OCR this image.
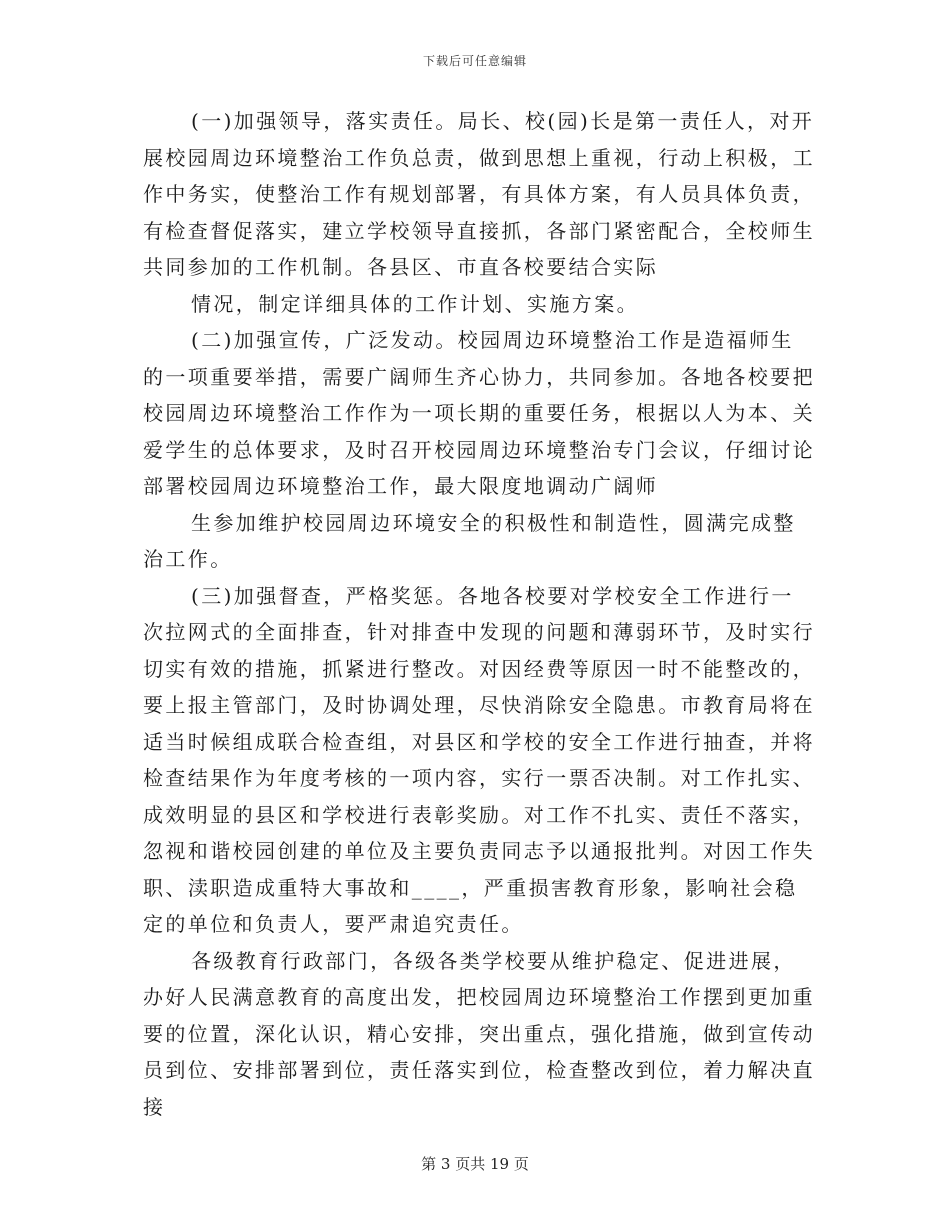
下载后可任意编辑

(一)加强领导，落实责任。局长、校(园)长是第一责任人，对开展校园周边环境整治工作负总责，做到思想上重视，行动上积极，工作中务实，使整治工作有规划部署，有具体方案，有人员具体负责，有检查督促落实，建立学校领导直接抓，各部门紧密配合，全校师生共同参加的工作机制。各县区、市直各校要结合实际

情况，制定详细具体的工作计划、实施方案。

(二)加强宣传，广泛发动。校园周边环境整治工作是造福师生的一项重要举措，需要广阔师生齐心协力，共同参加。各地各校要把校园周边环境整治工作作为一项长期的重要任务，根据以人为本、关爱学生的总体要求，及时召开校园周边环境整治专门会议，仔细讨论部署校园周边环境整治工作，最大限度地调动广阔师

生参加维护校园周边环境安全的积极性和制造性，圆满完成整治工作。

(三)加强督查，严格奖惩。各地各校要对学校安全工作进行一次拉网式的全面排查，针对排查中发现的问题和薄弱环节，及时实行切实有效的措施，抓紧进行整改。对因经费等原因一时不能整改的，要上报主管部门，及时协调处理，尽快消除安全隐患。市教育局将在适当时候组成联合检查组，对县区和学校的安全工作进行抽查，并将检查结果作为年度考核的一项内容，实行一票否决制。对工作扎实、成效明显的县区和学校进行表彰奖励。对工作不扎实、责任不落实，忽视和谐校园创建的单位及主要负责同志予以通报批判。对因工作失职、渎职造成重特大事故和____，严重损害教育形象，影响社会稳定的单位和负责人，要严肃追究责任。

各级教育行政部门，各级各类学校要从维护稳定、促进进展，办好人民满意教育的高度出发，把校园周边环境整治工作摆到更加重要的位置，深化认识，精心安排，突出重点，强化措施，做到宣传动员到位、安排部署到位，责任落实到位，检查整改到位，着力解决直接

第 3 页共 19 页
